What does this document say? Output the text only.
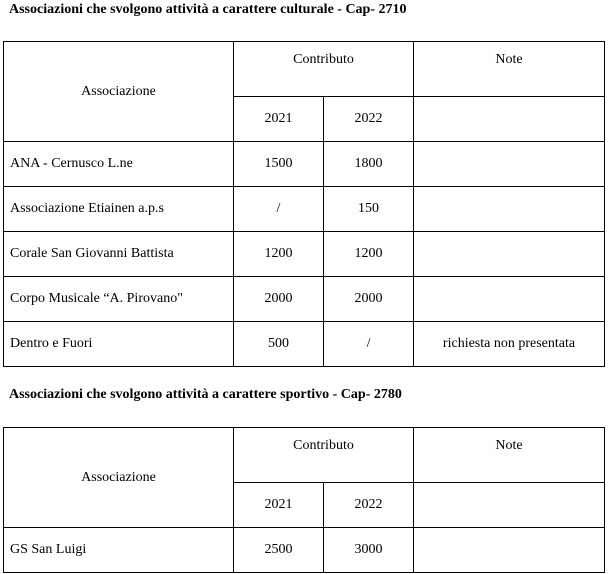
Associazioni che svolgono attività a carattere culturale - Cap- 2710
Associazione	Contributo		Note
	2021	2022	
ANA - Cernusco L.ne	1500	1800	
Associazione Etiainen a.p.s	/	150	
Corale San Giovanni Battista	1200	1200	
Corpo Musicale “A. Pirovano"	2000	2000	
Dentro e Fuori	500	/	richiesta non presentata
Associazioni che svolgono attività a carattere sportivo - Cap- 2780
Associazione	Contributo		Note
	2021	2022	
GS San Luigi	2500	3000	
